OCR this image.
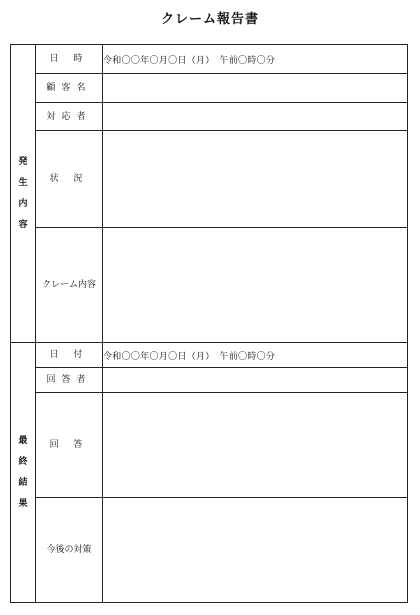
クレーム報告書
発
生
内
容	日 時	令和〇〇年〇月〇日（月）　午前〇時〇分
	顧客名	
	対応者	
	状 況	
	クレーム内容	

最
終
結
果	日 付	令和〇〇年〇月〇日（月）　午前〇時〇分
	回答者	
	回 答	
	今後の対策	
